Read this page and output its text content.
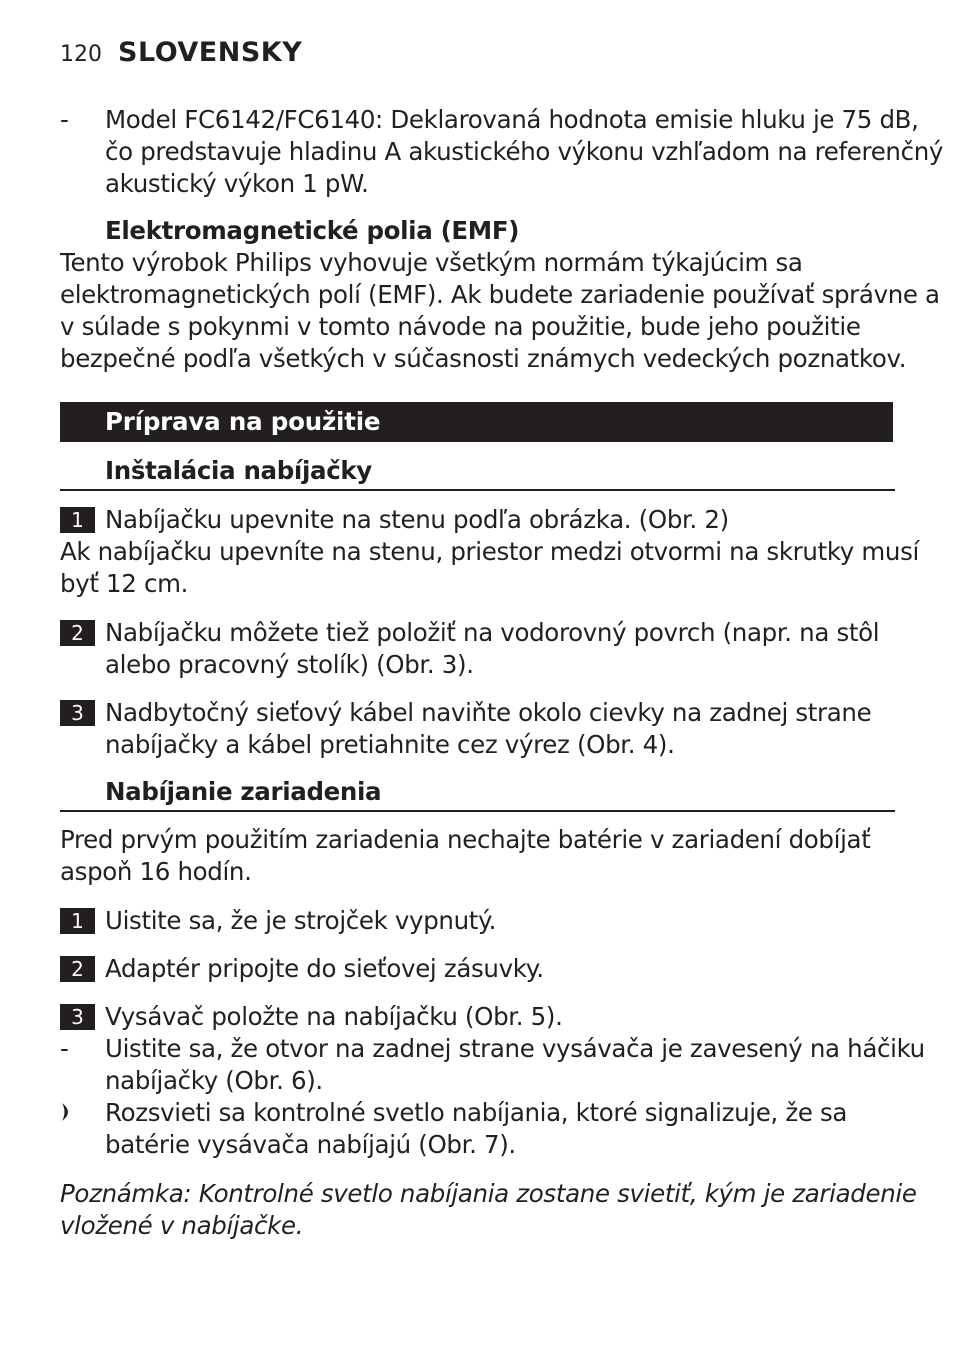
120 SLOVENSKY
- Model FC6142/FC6140: Deklarovaná hodnota emisie hluku je 75 dB,
čo predstavuje hladinu A akustického výkonu vzhľadom na referenčný
akustický výkon 1 pW.
Elektromagnetické polia (EMF)
Tento výrobok Philips vyhovuje všetkým normám týkajúcim sa
elektromagnetických polí (EMF). Ak budete zariadenie používať správne a
v súlade s pokynmi v tomto návode na použitie, bude jeho použitie
bezpečné podľa všetkých v súčasnosti známych vedeckých poznatkov.
Príprava na použitie
Inštalácia nabíjačky
1 Nabíjačku upevnite na stenu podľa obrázka. (Obr. 2)
Ak nabíjačku upevníte na stenu, priestor medzi otvormi na skrutky musí
byť 12 cm.
2 Nabíjačku môžete tiež položiť na vodorovný povrch (napr. na stôl
alebo pracovný stolík) (Obr. 3).
3 Nadbytočný sieťový kábel naviňte okolo cievky na zadnej strane
nabíjačky a kábel pretiahnite cez výrez (Obr. 4).
Nabíjanie zariadenia
Pred prvým použitím zariadenia nechajte batérie v zariadení dobíjať
aspoň 16 hodín.
1 Uistite sa, že je strojček vypnutý.
2 Adaptér pripojte do sieťovej zásuvky.
3 Vysávač položte na nabíjačku (Obr. 5).
- Uistite sa, že otvor na zadnej strane vysávača je zavesený na háčiku
nabíjačky (Obr. 6).
Rozsvieti sa kontrolné svetlo nabíjania, ktoré signalizuje, že sa
batérie vysávača nabíjajú (Obr. 7).
Poznámka: Kontrolné svetlo nabíjania zostane svietiť, kým je zariadenie
vložené v nabíjačke.
